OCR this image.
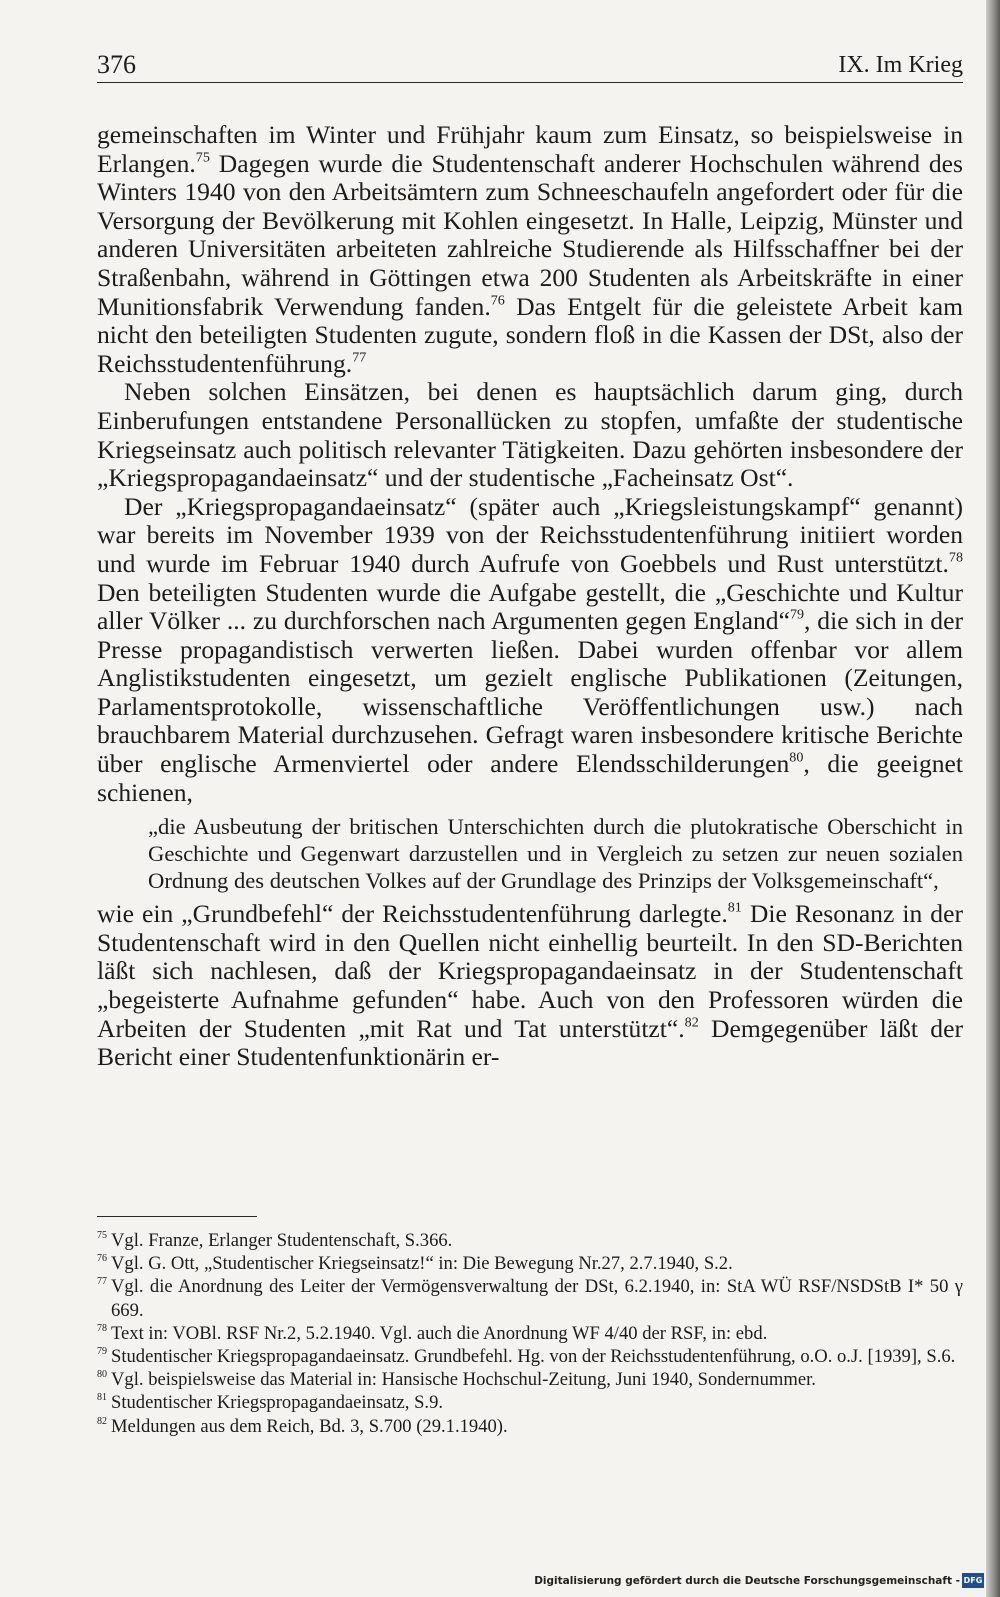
376	IX. Im Krieg

gemeinschaften im Winter und Frühjahr kaum zum Einsatz, so beispielsweise in Erlangen.$^{75}$ Dagegen wurde die Studentenschaft anderer Hochschulen während des Winters 1940 von den Arbeitsämtern zum Schneeschaufeln angefordert oder für die Versorgung der Bevölkerung mit Kohlen eingesetzt. In Halle, Leipzig, Münster und anderen Universitäten arbeiteten zahlreiche Studierende als Hilfsschaffner bei der Straßenbahn, während in Göttingen etwa 200 Studenten als Arbeitskräfte in einer Munitionsfabrik Verwendung fanden.$^{76}$ Das Entgelt für die geleistete Arbeit kam nicht den beteiligten Studenten zugute, sondern floß in die Kassen der DSt, also der Reichsstudentenführung.$^{77}$

Neben solchen Einsätzen, bei denen es hauptsächlich darum ging, durch Einberufungen entstandene Personallücken zu stopfen, umfaßte der studentische Kriegseinsatz auch politisch relevanter Tätigkeiten. Dazu gehörten insbesondere der „Kriegspropagandaeinsatz“ und der studentische „Facheinsatz Ost“.

Der „Kriegspropagandaeinsatz“ (später auch „Kriegsleistungskampf“ genannt) war bereits im November 1939 von der Reichsstudentenführung initiiert worden und wurde im Februar 1940 durch Aufrufe von Goebbels und Rust unterstützt.$^{78}$ Den beteiligten Studenten wurde die Aufgabe gestellt, die „Geschichte und Kultur aller Völker ... zu durchforschen nach Argumenten gegen England“$^{79}$, die sich in der Presse propagandistisch verwerten ließen. Dabei wurden offenbar vor allem Anglistikstudenten eingesetzt, um gezielt englische Publikationen (Zeitungen, Parlamentsprotokolle, wissenschaftliche Veröffentlichungen usw.) nach brauchbarem Material durchzusehen. Gefragt waren insbesondere kritische Berichte über englische Armenviertel oder andere Elendsschilderungen$^{80}$, die geeignet schienen,

„die Ausbeutung der britischen Unterschichten durch die plutokratische Oberschicht in Geschichte und Gegenwart darzustellen und in Vergleich zu setzen zur neuen sozialen Ordnung des deutschen Volkes auf der Grundlage des Prinzips der Volksgemeinschaft“,

wie ein „Grundbefehl“ der Reichsstudentenführung darlegte.$^{81}$ Die Resonanz in der Studentenschaft wird in den Quellen nicht einhellig beurteilt. In den SD-Berichten läßt sich nachlesen, daß der Kriegspropagandaeinsatz in der Studentenschaft „begeisterte Aufnahme gefunden“ habe. Auch von den Professoren würden die Arbeiten der Studenten „mit Rat und Tat unterstützt“.$^{82}$ Demgegenüber läßt der Bericht einer Studentenfunktionärin er-

75 Vgl. Franze, Erlanger Studentenschaft, S.366.

76 Vgl. G. Ott, „Studentischer Kriegseinsatz!“ in: Die Bewegung Nr.27, 2.7.1940, S.2.

77 Vgl. die Anordnung des Leiter der Vermögensverwaltung der DSt, 6.2.1940, in: StA WÜ RSF/NSDStB I* 50 γ 669.

78 Text in: VOBl. RSF Nr.2, 5.2.1940. Vgl. auch die Anordnung WF 4/40 der RSF, in: ebd.

79 Studentischer Kriegspropagandaeinsatz. Grundbefehl. Hg. von der Reichsstudentenführung, o.O. o.J. [1939], S.6.

80 Vgl. beispielsweise das Material in: Hansische Hochschul-Zeitung, Juni 1940, Sondernummer.

81 Studentischer Kriegspropagandaeinsatz, S.9.

82 Meldungen aus dem Reich, Bd. 3, S.700 (29.1.1940).

Digitalisierung gefördert durch die Deutsche Forschungsgemeinschaft - DFG
